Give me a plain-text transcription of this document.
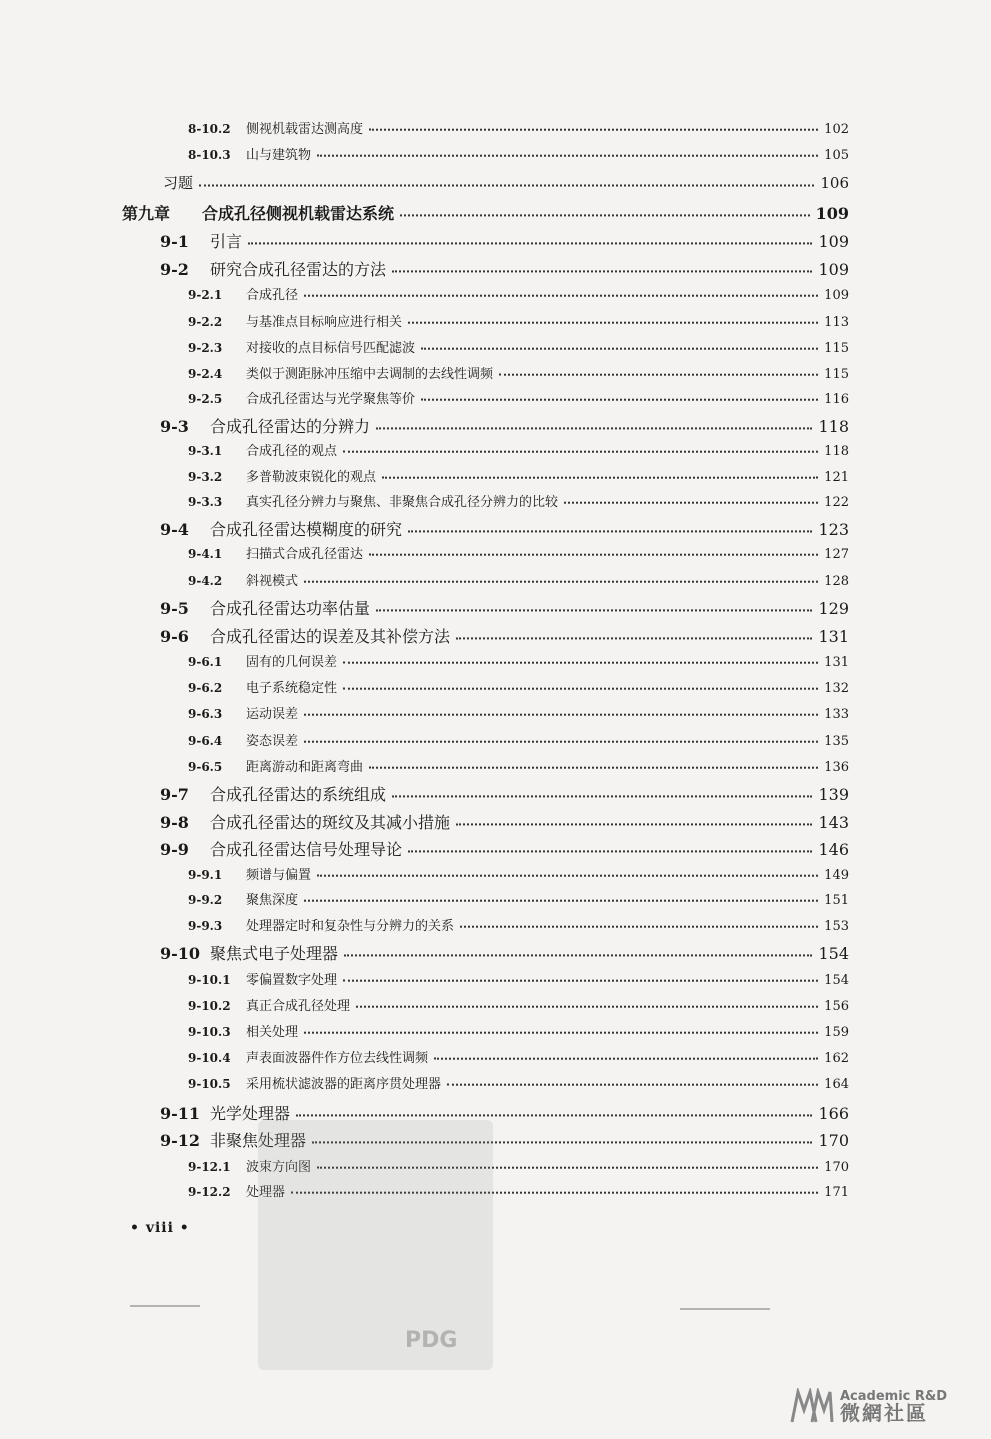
8-10.2	侧视机载雷达测高度	102
8-10.3	山与建筑物	105
习题	106
第九章	合成孔径侧视机载雷达系统	109
9-1	引言	109
9-2	研究合成孔径雷达的方法	109
9-2.1	合成孔径	109
9-2.2	与基准点目标响应进行相关	113
9-2.3	对接收的点目标信号匹配滤波	115
9-2.4	类似于测距脉冲压缩中去调制的去线性调频	115
9-2.5	合成孔径雷达与光学聚焦等价	116
9-3	合成孔径雷达的分辨力	118
9-3.1	合成孔径的观点	118
9-3.2	多普勒波束锐化的观点	121
9-3.3	真实孔径分辨力与聚焦、非聚焦合成孔径分辨力的比较	122
9-4	合成孔径雷达模糊度的研究	123
9-4.1	扫描式合成孔径雷达	127
9-4.2	斜视模式	128
9-5	合成孔径雷达功率估量	129
9-6	合成孔径雷达的误差及其补偿方法	131
9-6.1	固有的几何误差	131
9-6.2	电子系统稳定性	132
9-6.3	运动误差	133
9-6.4	姿态误差	135
9-6.5	距离游动和距离弯曲	136
9-7	合成孔径雷达的系统组成	139
9-8	合成孔径雷达的斑纹及其减小措施	143
9-9	合成孔径雷达信号处理导论	146
9-9.1	频谱与偏置	149
9-9.2	聚焦深度	151
9-9.3	处理器定时和复杂性与分辨力的关系	153
9-10 聚焦式电子处理器	154
9-10.1	零偏置数字处理	154
9-10.2	真正合成孔径处理	156
9-10.3	相关处理	159
9-10.4	声表面波器件作方位去线性调频	162
9-10.5	采用梳状滤波器的距离序贯处理器	164
9-11 光学处理器	166
9-12 非聚焦处理器	170
9-12.1	波束方向图	170
9-12.2	处理器	171
• viii •
PDG
Academic R&D
微網社區
